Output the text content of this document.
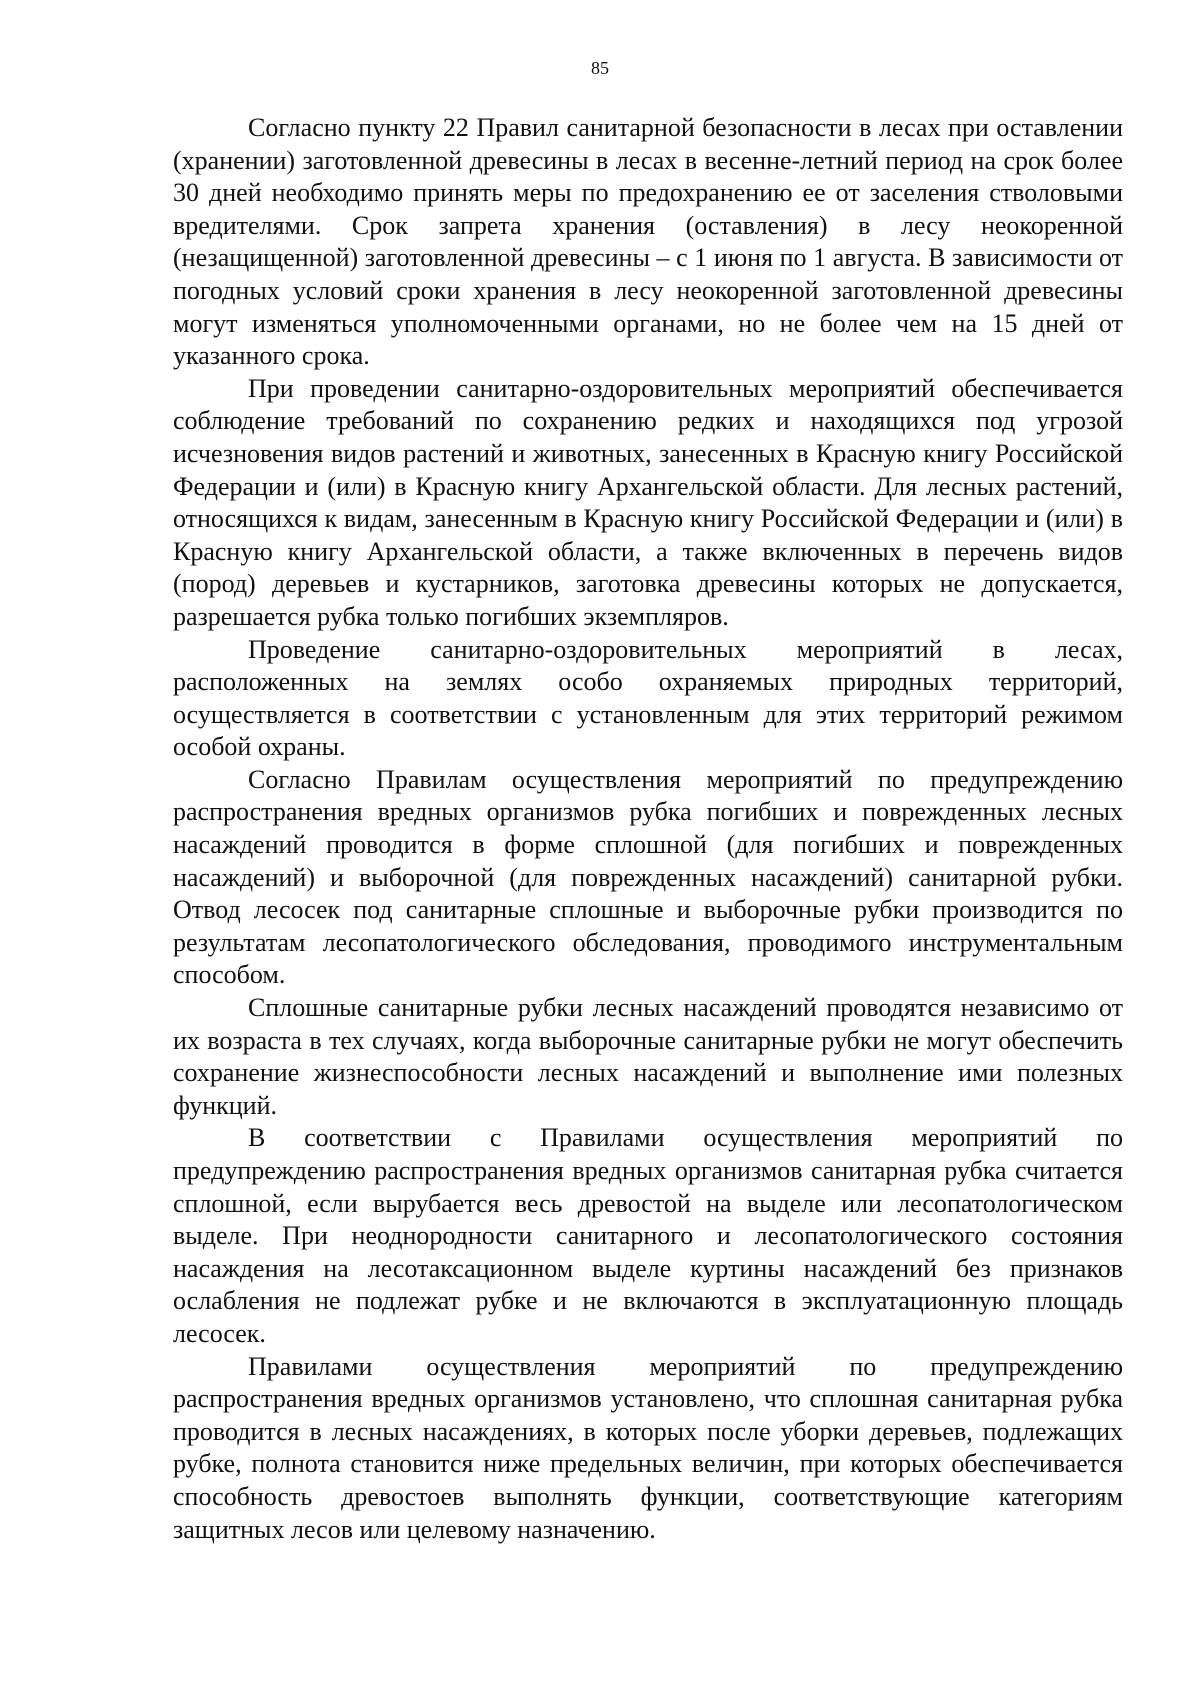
85

Согласно пункту 22 Правил санитарной безопасности в лесах при оставлении (хранении) заготовленной древесины в лесах в весенне-летний период на срок более 30 дней необходимо принять меры по предохранению ее от заселения стволовыми вредителями. Срок запрета хранения (оставления) в лесу неокоренной (незащищенной) заготовленной древесины – с 1 июня по 1 августа. В зависимости от погодных условий сроки хранения в лесу неокоренной заготовленной древесины могут изменяться уполномоченными органами, но не более чем на 15 дней от указанного срока.

При проведении санитарно-оздоровительных мероприятий обеспечивается соблюдение требований по сохранению редких и находящихся под угрозой исчезновения видов растений и животных, занесенных в Красную книгу Российской Федерации и (или) в Красную книгу Архангельской области. Для лесных растений, относящихся к видам, занесенным в Красную книгу Российской Федерации и (или) в Красную книгу Архангельской области, а также включенных в перечень видов (пород) деревьев и кустарников, заготовка древесины которых не допускается, разрешается рубка только погибших экземпляров.

Проведение санитарно-оздоровительных мероприятий в лесах, расположенных на землях особо охраняемых природных территорий, осуществляется в соответствии с установленным для этих территорий режимом особой охраны.

Согласно Правилам осуществления мероприятий по предупреждению распространения вредных организмов рубка погибших и поврежденных лесных насаждений проводится в форме сплошной (для погибших и поврежденных насаждений) и выборочной (для поврежденных насаждений) санитарной рубки. Отвод лесосек под санитарные сплошные и выборочные рубки производится по результатам лесопатологического обследования, проводимого инструментальным способом.

Сплошные санитарные рубки лесных насаждений проводятся независимо от их возраста в тех случаях, когда выборочные санитарные рубки не могут обеспечить сохранение жизнеспособности лесных насаждений и выполнение ими полезных функций.

В соответствии с Правилами осуществления мероприятий по предупреждению распространения вредных организмов санитарная рубка считается сплошной, если вырубается весь древостой на выделе или лесопатологическом выделе. При неоднородности санитарного и лесопатологического состояния насаждения на лесотаксационном выделе куртины насаждений без признаков ослабления не подлежат рубке и не включаются в эксплуатационную площадь лесосек.

Правилами осуществления мероприятий по предупреждению распространения вредных организмов установлено, что сплошная санитарная рубка проводится в лесных насаждениях, в которых после уборки деревьев, подлежащих рубке, полнота становится ниже предельных величин, при которых обеспечивается способность древостоев выполнять функции, соответствующие категориям защитных лесов или целевому назначению.
